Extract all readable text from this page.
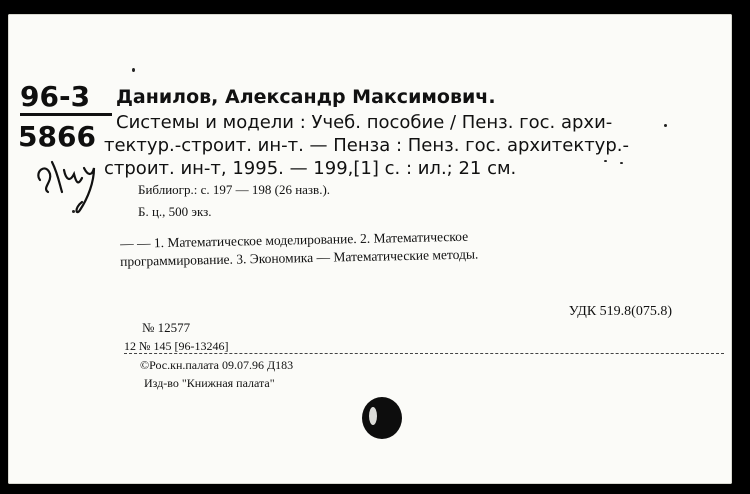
96-3
5866
Данилов, Александр Максимович.
Системы и модели : Учеб. пособие / Пенз. гос. архи-
тектур.-строит. ин-т. — Пенза : Пенз. гос. архитектур.-
строит. ин-т, 1995. — 199,[1] с. : ил.; 21 см.
Библиогр.: с. 197 — 198 (26 назв.).
Б. ц., 500 экз.
— — 1. Математическое моделирование. 2. Математическое
программирование. 3. Экономика — Математические методы.
УДК 519.8(075.8)
№ 12577
12 № 145 [96-13246]
©Рос.кн.палата 09.07.96 Д183
Изд-во "Книжная палата"
